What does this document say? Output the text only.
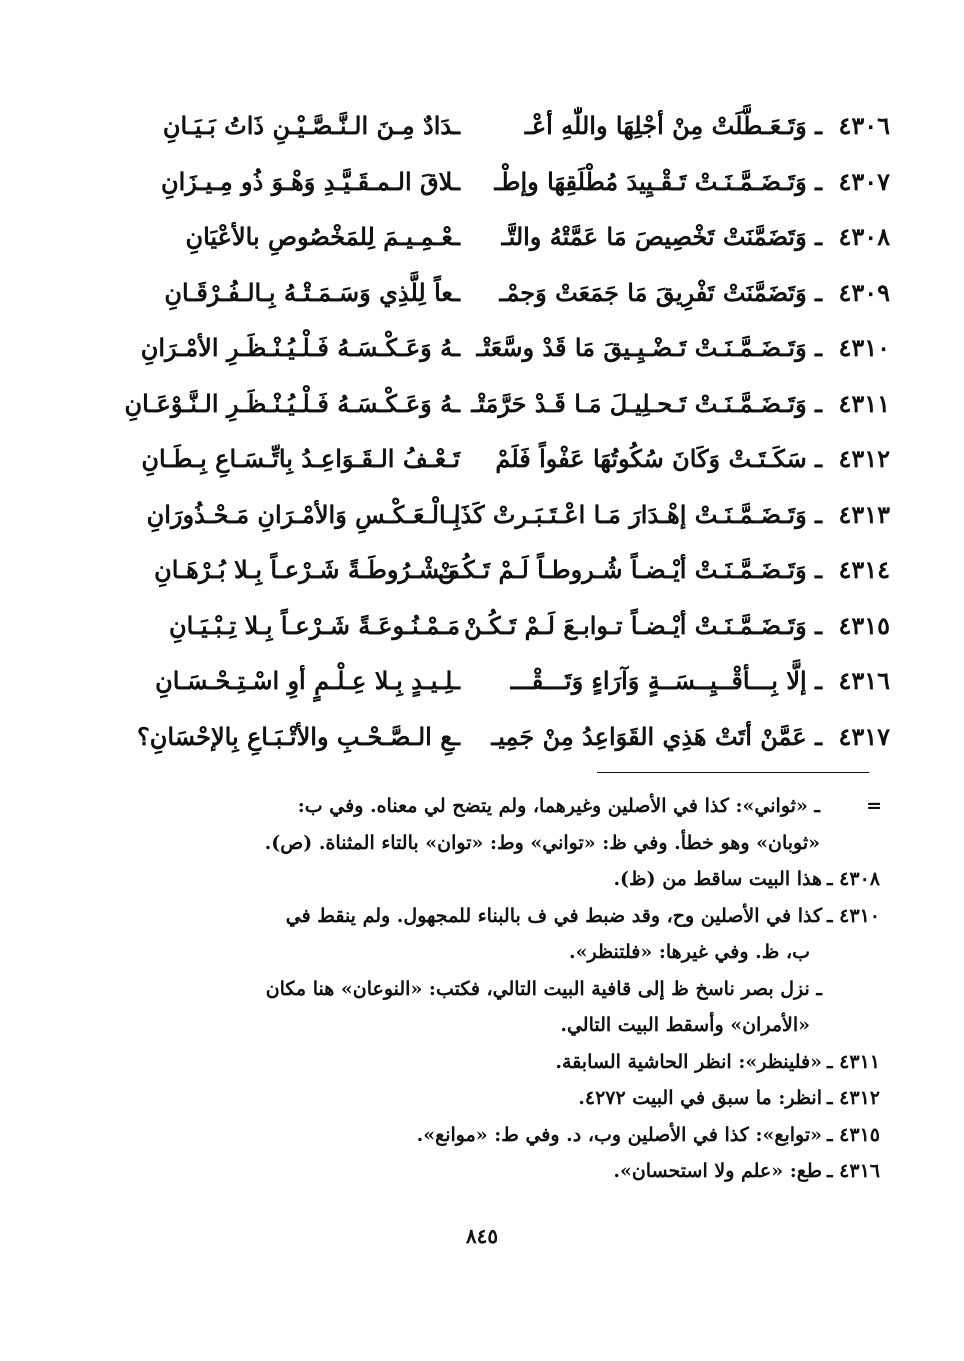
٤٣٠٦ ـ وَتَـعَـطَّلَتْ مِنْ أجْلِهَا واللّٰهِ أعْـ
ـدَادٌ مِـنَ الـنَّـصَّـيْـنِ ذَاتُ بَـيَـانِ
٤٣٠٧ ـ وَتَـضَـمَّـنَـتْ تَـقْـيِيدَ مُطْلَقِهَا وإطْـ
ـلاقَ الـمـقَـيَّـدِ وَهْـوَ ذُو مِـيـزَانِ
٤٣٠٨ ـ وَتَضَمَّنَتْ تَخْصِيصَ مَا عَمَّتْهُ والتَّـ
ـعْـمِـيـمَ لِلمَخْصُوصِ بالأعْيَانِ
٤٣٠٩ ـ وَتَضَمَّنَتْ تَفْرِيقَ مَا جَمَعَتْ وَجمْـ
ـعاً لِلَّذِي وَسَـمَـتْـهُ بِـالـفُـرْقَـانِ
٤٣١٠ ـ وَتَـضَـمَّـنَـتْ تَـضْـيِـيقَ مَا قَدْ وسَّعَتْـ
ـهُ وَعَـكْـسَـهُ فَـلْـيُـنْـظَـرِ الأمْـرَانِ
٤٣١١ ـ وَتَـضَـمَّـنَـتْ تَـحـلِيـلَ مَـا قَـدْ حَرَّمَتْـ
ـهُ وَعَـكْـسَـهُ فَـلْـيُـنْـظَـرِ الـنَّـوْعَـانِ
٤٣١٢ ـ سَكَـتَـتْ وَكَانَ سُكُوتُهَا عَفْواً فَلَمْ
تَـعْـفُ الـقَـوَاعِـدُ بِاتِّـسَـاعِ بِـطَـانِ
٤٣١٣ ـ وَتَـضَـمَّـنَـتْ إهْـدَارَ مَـا اعْـتَـبَـرتْ كَذَا
بِـالْـعَـكْـسِ وَالأمْـرَانِ مَـحْـذُورَانِ
٤٣١٤ ـ وَتَـضَـمَّـنَـتْ أيْـضـاً شُـروطـاً لَـمْ تَـكُـنْ
مَـشْـرُوطَـةً شَـرْعـاً بِـلا بُـرْهَـانِ
٤٣١٥ ـ وَتَـضَـمَّـنَـتْ أيْـضـاً تـوابـعَ لَـمْ تَـكُـنْ
مَـمْـنُـوعَـةً شَـرْعـاً بِـلا تِـبْـيَـانِ
٤٣١٦ ـ إلَّا بِـــأقْــيِــسَــةٍ وَآرَاءٍ وَتَـــقْـــ
ـلِـيـدٍ بِـلا عِـلْـمٍ أوِ اسْـتِـحْـسَـانِ
٤٣١٧ ـ عَمَّنْ أتَتْ هَذِي القَوَاعِدُ مِنْ جَمِيـ
ـعِ الـصَّـحْـبِ والأتْـبَـاعِ بِالإحْسَانِ؟
=
ـ «ثواني»: كذا في الأصلين وغيرهما، ولم يتضح لي معناه. وفي ب:
«ثوبان» وهو خطأ. وفي ظ: «تواني» وط: «توان» بالتاء المثناة. (ص).
٤٣٠٨ ـهذا البيت ساقط من (ظ).
٤٣١٠ ـكذا في الأصلين وح، وقد ضبط في ف بالبناء للمجهول. ولم ينقط في
ب، ظ. وفي غيرها: «فلتنظر».
ـ نزل بصر ناسخ ظ إلى قافية البيت التالي، فكتب: «النوعان» هنا مكان
«الأمران» وأسقط البيت التالي.
٤٣١١ ـ«فلينظر»: انظر الحاشية السابقة.
٤٣١٢ ـانظر: ما سبق في البيت ٤٢٧٢.
٤٣١٥ ـ«توابع»: كذا في الأصلين وب، د. وفي ط: «موانع».
٤٣١٦ ـطع: «علم ولا استحسان».
٨٤٥
